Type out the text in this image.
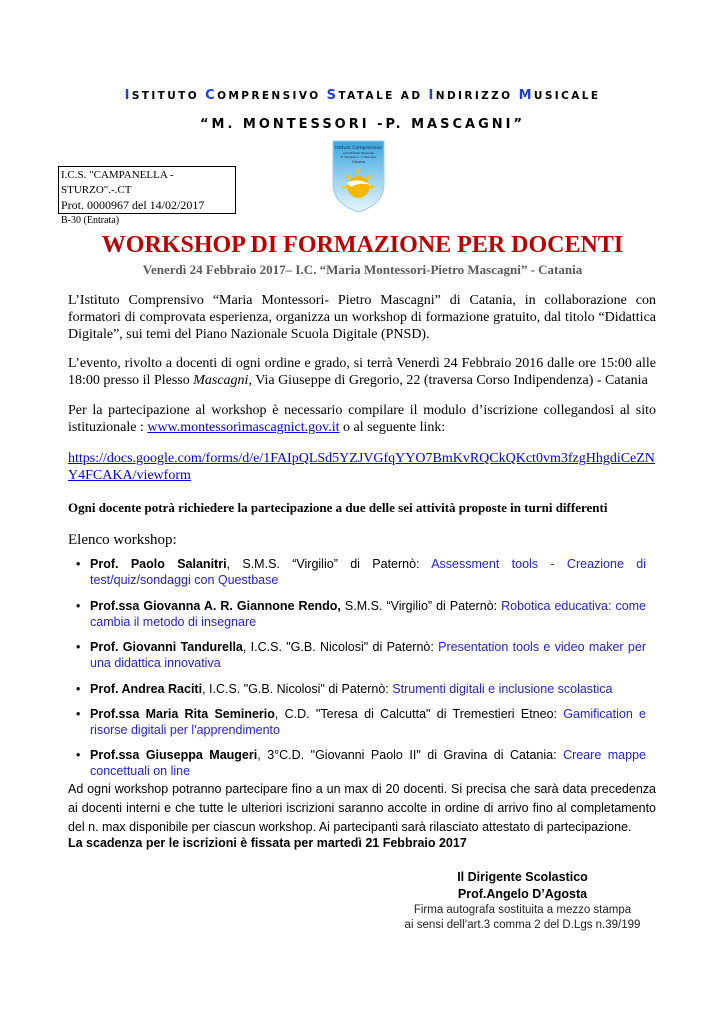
ISTITUTO COMPRENSIVO STATALE AD INDIRIZZO MUSICALE
“M. MONTESSORI -P. MASCAGNI”
I.C.S. "CAMPANELLA - STURZO".-.CT
Prot. 0000967 del 14/02/2017
B-30 (Entrata)
Istituto Comprensivo
ad Indirizzo Musicale
M. Montessori - P. Mascagni
Catania
WORKSHOP DI FORMAZIONE PER DOCENTI
Venerdì 24 Febbraio 2017– I.C. “Maria Montessori-Pietro Mascagni” - Catania
L’Istituto Comprensivo “Maria Montessori- Pietro Mascagni” di Catania, in collaborazione con formatori di comprovata esperienza, organizza un workshop di formazione gratuito, dal titolo “Didattica Digitale”, sui temi del Piano Nazionale Scuola Digitale (PNSD).
L’evento, rivolto a docenti di ogni ordine e grado, si terrà Venerdì 24 Febbraio 2016 dalle ore 15:00 alle 18:00 presso il Plesso Mascagni, Via Giuseppe di Gregorio, 22 (traversa Corso Indipendenza) - Catania
Per la partecipazione al workshop è necessario compilare il modulo d’iscrizione collegandosi al sito istituzionale : www.montessorimascagnict.gov.it o al seguente link:
https://docs.google.com/forms/d/e/1FAIpQLSd5YZJVGfqYYO7BmKvRQCkQKct0vm3fzgHhgdiCeZNY4FCAKA/viewform
Ogni docente potrà richiedere la partecipazione a due delle sei attività proposte in turni differenti
Elenco workshop:
• Prof. Paolo Salanitri, S.M.S. “Virgilio” di Paternò: Assessment tools - Creazione di test/quiz/sondaggi con Questbase
• Prof.ssa Giovanna A. R. Giannone Rendo, S.M.S. “Virgilio” di Paternò: Robotica educativa: come cambia il metodo di insegnare
• Prof. Giovanni Tandurella, I.C.S. "G.B. Nicolosi" di Paternò: Presentation tools e video maker per una didattica innovativa
• Prof. Andrea Raciti, I.C.S. "G.B. Nicolosi" di Paternò: Strumenti digitali e inclusione scolastica
• Prof.ssa Maria Rita Seminerio, C.D. "Teresa di Calcutta" di Tremestieri Etneo: Gamification e risorse digitali per l'apprendimento
• Prof.ssa Giuseppa Maugeri, 3°C.D. "Giovanni Paolo II" di Gravina di Catania: Creare mappe concettuali on line
Ad ogni workshop potranno partecipare fino a un max di 20 docenti. Si precisa che sarà data precedenza ai docenti interni e che tutte le ulteriori iscrizioni saranno accolte in ordine di arrivo fino al completamento del n. max disponibile per ciascun workshop. Ai partecipanti sarà rilasciato attestato di partecipazione.
La scadenza per le iscrizioni è fissata per martedì 21 Febbraio 2017
Il Dirigente Scolastico
Prof.Angelo D’Agosta
Firma autografa sostituita a mezzo stampa
ai sensi dell’art.3 comma 2 del D.Lgs n.39/199
